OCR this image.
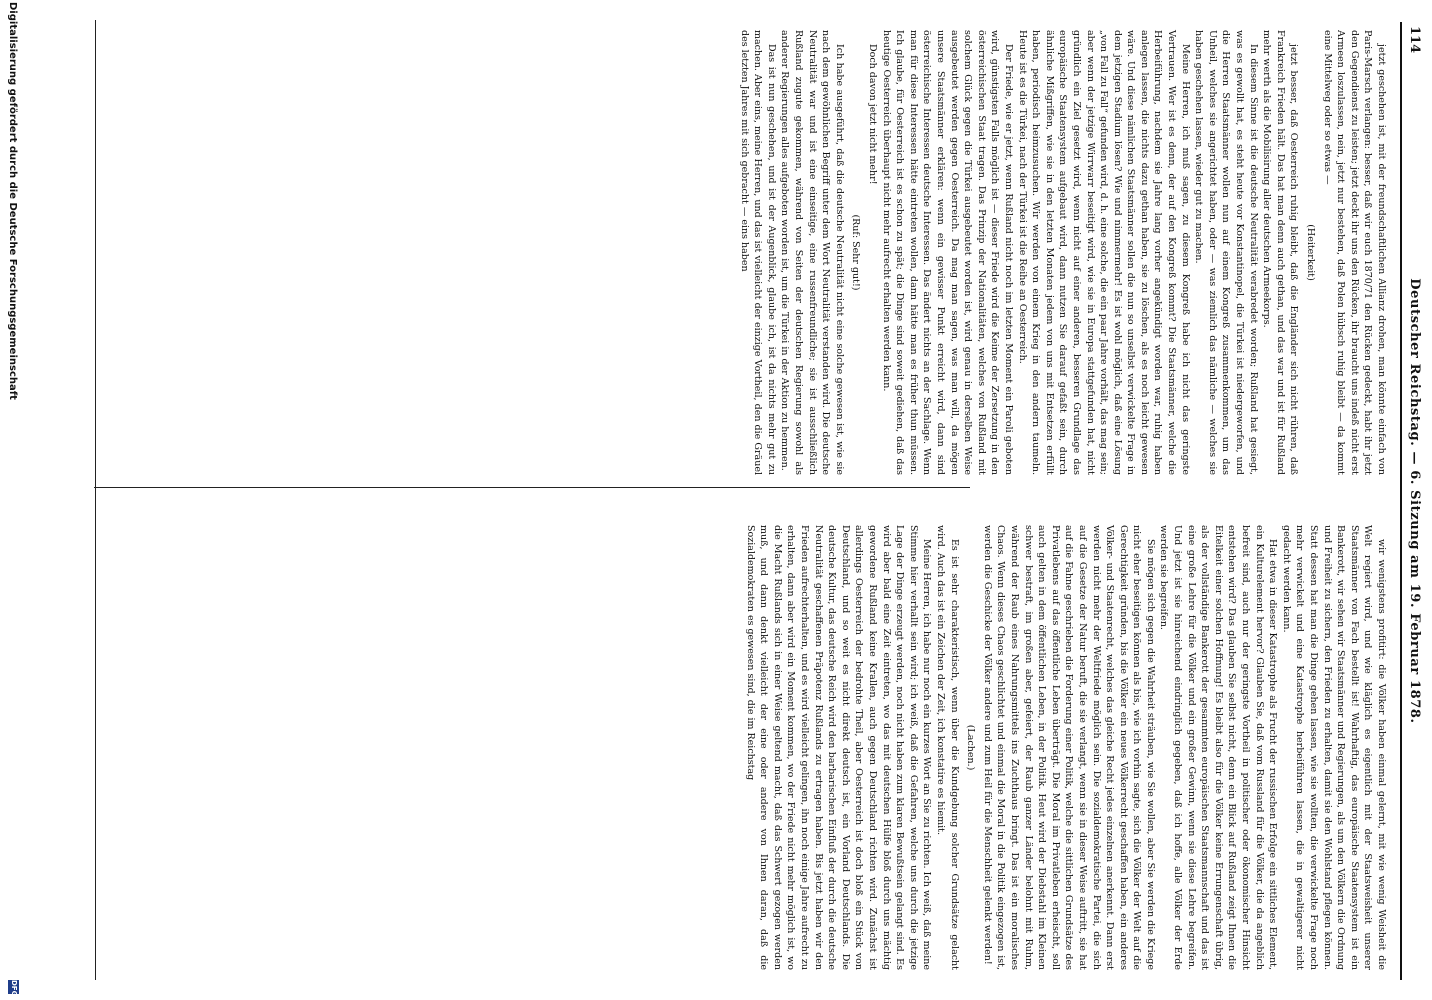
114
Deutscher Reichstag. — 6. Sitzung am 19. Februar 1878.

jetzt geschehen ist, mit der freundschaftlichen Allianz drohen, man könnte einfach von Paris-Marsch verlangen: besser, daß wir euch 1870/71 den Rücken gedeckt, habt ihr jetzt den Gegendienst zu leisten; jetzt deckt ihr uns den Rücken, ihr braucht uns indeß nicht erst Armeen loszulassen, nein, jetzt nur bestehen, daß Polen hübsch ruhig bleibt — da kommt eine Mittelweg oder so etwas —

(Heiterkeit)

jetzt besser, daß Oesterreich ruhig bleibt, daß die Engländer sich nicht rühren, daß Frankreich Frieden hält. Das hat man denn auch gethan, und das war und ist für Rußland mehr werth als die Mobilisirung aller deutschen Armeekorps.

In diesem Sinne ist die deutsche Neutralität verabredet worden; Rußland hat gesiegt, was es gewollt hat, es steht heute vor Konstantinopel, die Türkei ist niedergeworfen, und die Herren Staatsmänner wollen nun auf einem Kongreß zusammenkommen, um das Unheil, welches sie angerichtet haben, oder — was ziemlich das nämliche — welches sie haben geschehen lassen, wieder gut zu machen.

Meine Herren, ich muß sagen, zu diesem Kongreß habe ich nicht das geringste Vertrauen. Wer ist es denn, der auf den Kongreß kommt? Die Staatsmänner, welche die Herbeiführung, nachdem sie Jahre lang vorher angekündigt worden war, ruhig haben anlegen lassen, die nichts dazu gethan haben, sie zu löschen, als es noch leicht gewesen wäre. Und diese nämlichen Staatsmänner sollen die nun so unselbst verwickelte Frage in dem jetzigen Stadium lösen? Wie und nimmermehr! Es ist wohl möglich, daß eine Lösung „von Fall zu Fall“ gefunden wird, d. h. eine solche, die ein paar Jahre vorhält, das mag sein; aber wenn der jetzige Wirrwarr beseitigt wird, wie sie in Europa stattgefunden hat, nicht gründlich ein Ziel gesetzt wird, wenn nicht auf einer anderen, besseren Grundlage das europäische Staatensystem aufgebaut wird, dann nutzen Sie darauf gefaßt sein, durch ähnliche Mißgriffen, wie sie in den letzten Monaten jedem von uns mit Entsetzen erfüllt haben, periodisch heimzusuchen. Wir werden von einem Krieg in den andern taumeln. Heute ist es die Türkei, nach der Türkei ist die Reihe an Oesterreich.

Der Friede, wie er jetzt, wenn Rußland nicht noch im letzten Moment ein Paroli geboten wird, günstigsten Falls möglich ist — dieser Friede wird die Keime der Zersetzung in den österreichischen Staat tragen. Das Prinzip der Nationalitäten, welches von Rußland mit solchem Glück gegen die Türkei ausgebeutet worden ist, wird genau in derselben Weise ausgebeutet werden gegen Oesterreich. Da mag man sagen, was man will, da mögen unsere Staatsmänner erklären: wenn ein gewisser Punkt erreicht wird, dann sind österreichische Interessen deutsche Interessen. Das ändert nichts an der Sachlage. Wenn man für diese Interessen hätte eintreten wollen, dann hätte man es früher thun müssen. Ich glaube, für Oesterreich ist es schon zu spät; die Dinge sind soweit gediehen, daß das heutige Oesterreich überhaupt nicht mehr aufrecht erhalten werden kann.

Doch davon jetzt nicht mehr!

(Ruf: Sehr gut!)

Ich habe ausgeführt, daß die deutsche Neutralität nicht eine solche gewesen ist, wie sie nach dem gewöhnlichen Begriff unter dem Wort Neutralität verstanden wird. Die deutsche Neutralität war und ist eine einseitige, eine russenfreundliche; sie ist ausschließlich Rußland zugute gekommen, während von Seiten der deutschen Regierung sowohl als anderer Regierungen alles aufgeboten worden ist, um die Türkei in der Aktion zu hemmen.

Das ist nun geschehen, und ist der Augenblick, glaube ich, ist da nichts mehr gut zu machen. Aber eins, meine Herren, und das ist vielleicht der einzige Vortheil, den die Gräuel des letzten Jahres mit sich gebracht — eins haben

wir wenigstens profitirt: die Völker haben einmal gelernt, mit wie wenig Weisheit die Welt regiert wird, und wie kläglich es eigentlich mit der Staatsweisheit unserer Staatsmänner von Fach bestellt ist! Wahrhaftig, das europäische Staatensystem ist ein Bankerott, wir sehen wir Staatsmänner und Regierungen, als um den Völkern die Ordnung und Freiheit zu sichern, den Frieden zu erhalten, damit sie den Wohlstand pflegen können. Statt dessen hat man die Dinge gehen lassen, wie sie wollten, die verwickelte Frage noch mehr verwickelt und eine Katastrophe herbeiführen lassen, die in gewaltigerer nicht gedacht werden kann.

Hat etwa in dieser Katastrophe als Frucht der russischen Erfolge ein sittliches Element, ein Kulturelement hervor? Glauben Sie, daß vom Russland für die Völker, die da angeblich befreit sind, auch nur der geringste Vortheil in politischer oder ökonomischer Hinsicht entstehen wird? Das glauben Sie selbst nicht, denn ein Blick auf Rußland zeigt Ihnen die Eitelkeit einer solchen Hoffnung! Es bleibt also für die Völker keine Errungenschaft übrig, als der vollständige Bankerott der gesammten europäischen Staatsmannschaft und das ist eine große Lehre für die Völker und ein großer Gewinn, wenn sie diese Lehre begreifen. Und jetzt ist sie hinreichend eindringlich gegeben, daß ich hoffe, alle Völker der Erde werden sie begreifen.

Sie mögen sich gegen die Wahrheit sträuben, wie Sie wollen, aber Sie werden die Kriege nicht eher beseitigen können als bis, wie ich vorhin sagte, sich die Völker der Welt auf die Gerechtigkeit gründen, bis die Völker ein neues Völkerrecht geschaffen haben, ein anderes Völker- und Staatenrecht, welches das gleiche Recht jedes einzelnen anerkennt. Dann erst werden nicht mehr der Weltfriede möglich sein. Die sozialdemokratische Partei, die sich auf die Gesetze der Natur beruft, die sie verlangt, wenn sie in dieser Weise auftritt, sie hat auf die Fahne geschrieben die Forderung einer Politik, welche die sittlichen Grundsätze des Privatlebens auf das öffentliche Leben überträgt. Die Moral im Privatleben erheischt, soll auch gelten in dem öffentlichen Leben, in der Politik. Heut wird der Diebstahl im Kleinen schwer bestraft, im großen aber, gefeiert, der Raub ganzer Länder belohnt mit Ruhm, während der Raub eines Nahrungsmittels ins Zuchthaus bringt. Das ist ein moralisches Chaos. Wenn dieses Chaos geschlichtet und einmal die Moral in die Politik eingezogen ist, werden die Geschicke der Völker andere und zum Heil für die Menschheit gelenkt werden!

(Lachen.)

Es ist sehr charakteristisch, wenn über die Kundgebung solcher Grundsätze gelacht wird. Auch das ist ein Zeichen der Zeit, ich konstatire es hiemit.

Meine Herren, ich habe nur noch ein kurzes Wort an Sie zu richten. Ich weiß, daß meine Stimme hier verhallt sein wird; ich weiß, daß die Gefahren, welche uns durch die jetzige Lage der Dinge erzeugt werden, noch nicht haben zum klaren Bewußtsein gelangt sind. Es wird aber bald eine Zeit eintreten, wo das mit deutschen Hülfe bloß durch uns mächtig gewordene Rußland keine Krallen, auch gegen Deutschland richten wird. Zunächst ist allerdings Oesterreich der bedrohte Theil, aber Oesterreich ist doch bloß ein Stück von Deutschland, und so weit es nicht direkt deutsch ist, ein Vorland Deutschlands. Die deutsche Kultur, das deutsche Reich wird den barbarischen Einfluß der durch die deutsche Neutralität geschaffenen Präpotenz Rußlands zu ertragen haben. Bis jetzt haben wir den Frieden aufrechterhalten, und es wird vielleicht gelingen, ihn noch einige Jahre aufrecht zu erhalten, dann aber wird ein Moment kommen, wo der Friede nicht mehr möglich ist, wo die Macht Rußlands sich in einer Weise geltend macht, daß das Schwert gezogen werden muß, und dann denkt vielleicht der eine oder andere von Ihnen daran, daß die Sozialdemokraten es gewesen sind, die im Reichstag

Digitalisierung gefördert durch die Deutsche Forschungsgemeinschaft
DFG
